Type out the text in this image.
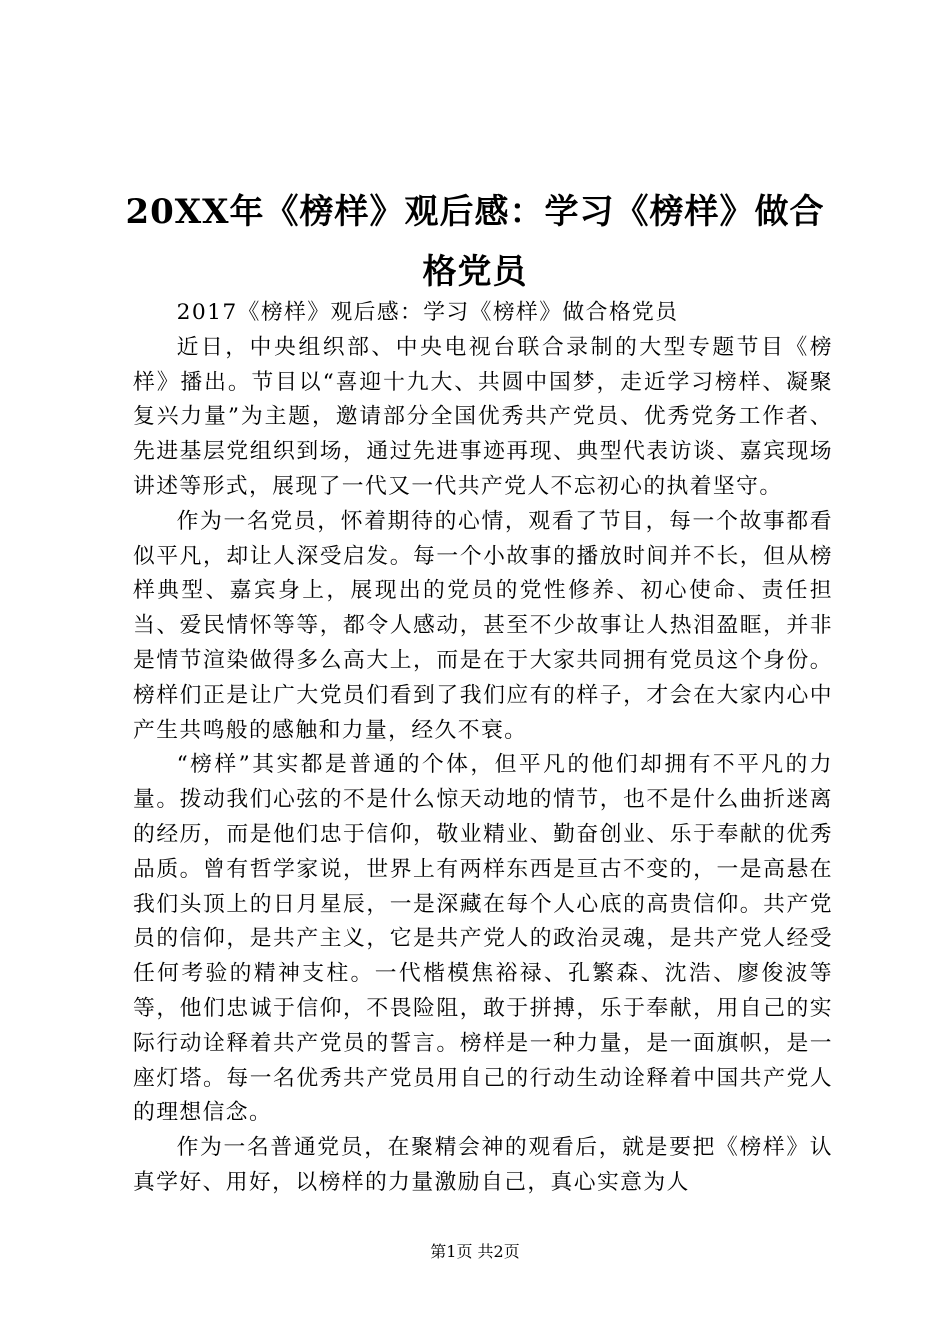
20XX年《榜样》观后感：学习《榜样》做合格党员

2017《榜样》观后感：学习《榜样》做合格党员

近日，中央组织部、中央电视台联合录制的大型专题节目《榜样》播出。节目以“喜迎十九大、共圆中国梦，走近学习榜样、凝聚复兴力量”为主题，邀请部分全国优秀共产党员、优秀党务工作者、先进基层党组织到场，通过先进事迹再现、典型代表访谈、嘉宾现场讲述等形式，展现了一代又一代共产党人不忘初心的执着坚守。

作为一名党员，怀着期待的心情，观看了节目，每一个故事都看似平凡，却让人深受启发。每一个小故事的播放时间并不长，但从榜样典型、嘉宾身上，展现出的党员的党性修养、初心使命、责任担当、爱民情怀等等，都令人感动，甚至不少故事让人热泪盈眶，并非是情节渲染做得多么高大上，而是在于大家共同拥有党员这个身份。榜样们正是让广大党员们看到了我们应有的样子，才会在大家内心中产生共鸣般的感触和力量，经久不衰。

“榜样”其实都是普通的个体，但平凡的他们却拥有不平凡的力量。拨动我们心弦的不是什么惊天动地的情节，也不是什么曲折迷离的经历，而是他们忠于信仰，敬业精业、勤奋创业、乐于奉献的优秀品质。曾有哲学家说，世界上有两样东西是亘古不变的，一是高悬在我们头顶上的日月星辰，一是深藏在每个人心底的高贵信仰。共产党员的信仰，是共产主义，它是共产党人的政治灵魂，是共产党人经受任何考验的精神支柱。一代楷模焦裕禄、孔繁森、沈浩、廖俊波等等，他们忠诚于信仰，不畏险阻，敢于拼搏，乐于奉献，用自己的实际行动诠释着共产党员的誓言。榜样是一种力量，是一面旗帜，是一座灯塔。每一名优秀共产党员用自己的行动生动诠释着中国共产党人的理想信念。

作为一名普通党员，在聚精会神的观看后，就是要把《榜样》认真学好、用好，以榜样的力量激励自己，真心实意为人

第1页 共2页
